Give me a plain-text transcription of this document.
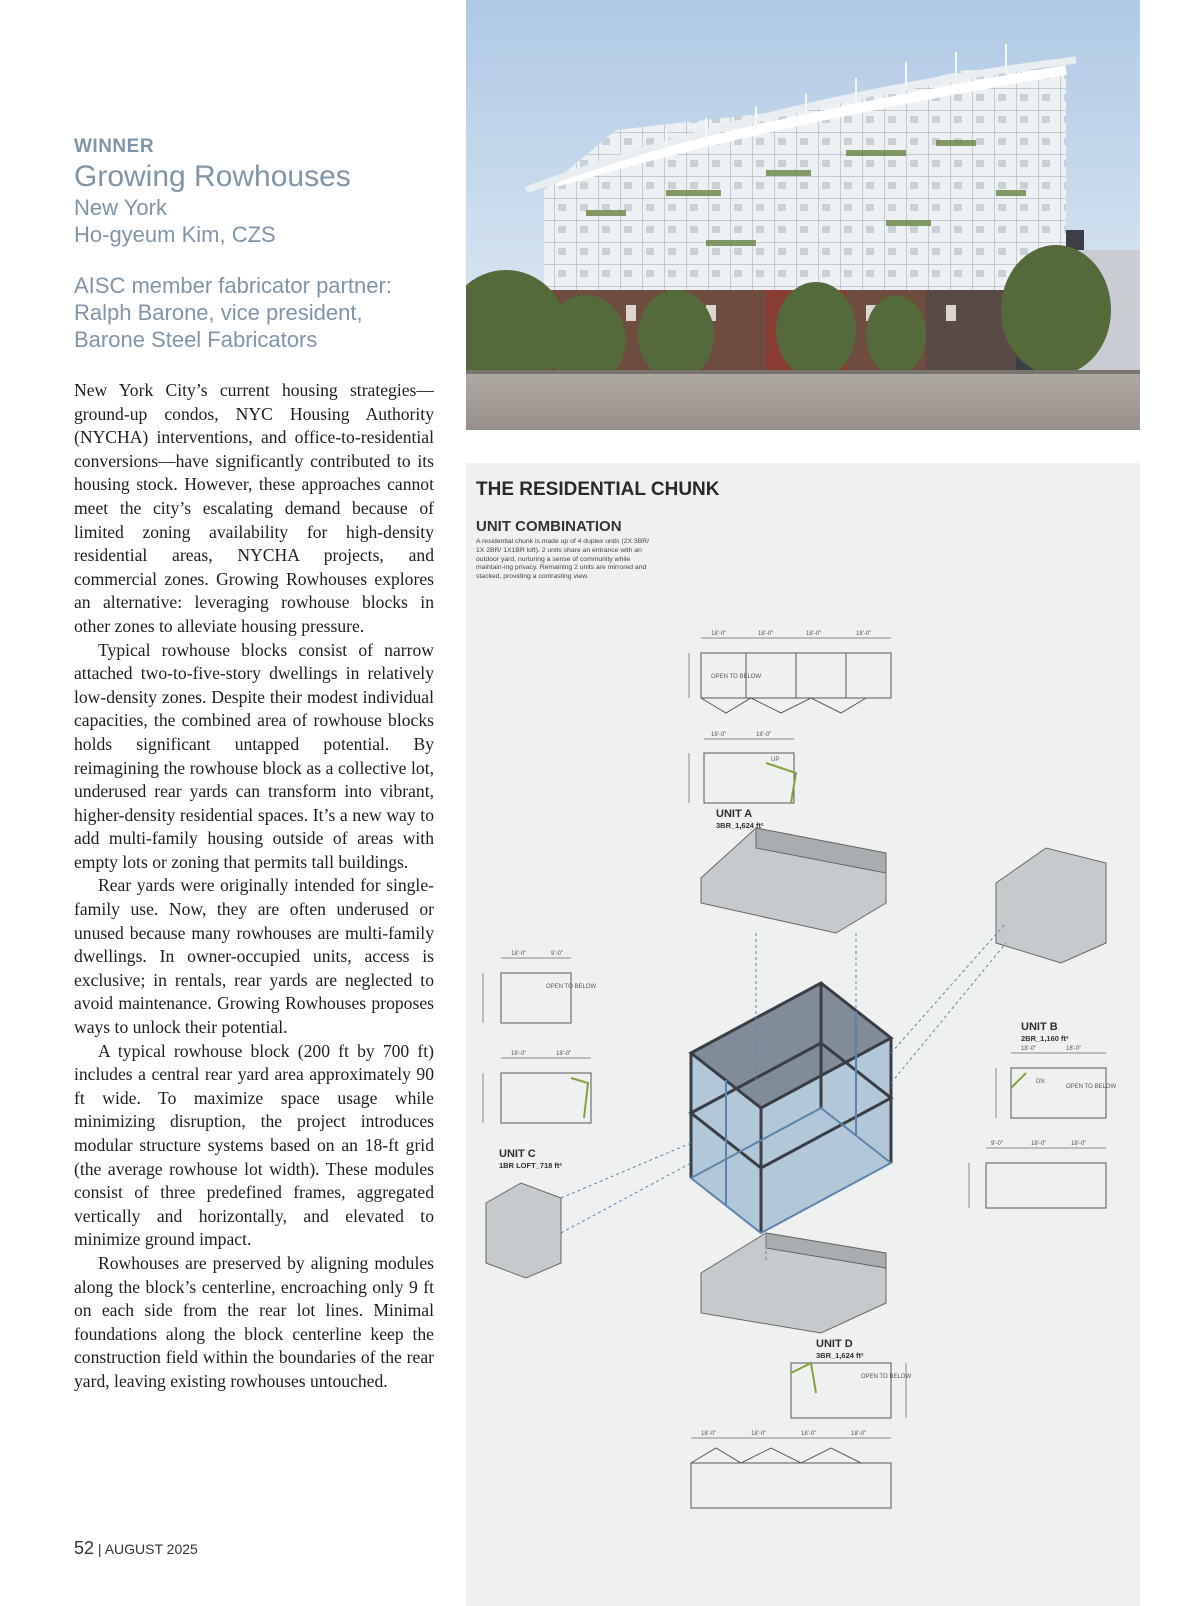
WINNER
Growing Rowhouses
New York
Ho-gyeum Kim, CZS
AISC member fabricator partner:
Ralph Barone, vice president,
Barone Steel Fabricators

New York City’s current housing strategies—ground-up condos, NYC Housing Authority (NYCHA) interventions, and office-to-residential conversions—have significantly contributed to its housing stock. However, these approaches cannot meet the city’s escalating demand because of limited zoning availability for high-density residential areas, NYCHA projects, and commercial zones. Growing Rowhouses explores an alternative: leveraging rowhouse blocks in other zones to alleviate housing pressure.

Typical rowhouse blocks consist of narrow attached two-to-five-story dwellings in relatively low-density zones. Despite their modest individual capacities, the combined area of rowhouse blocks holds significant untapped potential. By reimagining the rowhouse block as a collective lot, underused rear yards can transform into vibrant, higher-density residential spaces. It’s a new way to add multi-family housing outside of areas with empty lots or zoning that permits tall buildings.

Rear yards were originally intended for single-family use. Now, they are often underused or unused because many rowhouses are multi-family dwellings. In owner-occupied units, access is exclusive; in rentals, rear yards are neglected to avoid maintenance. Growing Rowhouses proposes ways to unlock their potential.

A typical rowhouse block (200 ft by 700 ft) includes a central rear yard area approximately 90 ft wide. To maximize space usage while minimizing disruption, the project introduces modular structure systems based on an 18-ft grid (the average rowhouse lot width). These modules consist of three predefined frames, aggregated vertically and horizontally, and elevated to minimize ground impact.

Rowhouses are preserved by aligning modules along the block’s centerline, encroaching only 9 ft on each side from the rear lot lines. Minimal foundations along the block centerline keep the construction field within the boundaries of the rear yard, leaving existing rowhouses untouched.

52 | AUGUST 2025
THE RESIDENTIAL CHUNK
UNIT COMBINATION
A residential chunk is made up of 4 duplex units (2X 3BR/ 1X 2BR/ 1X1BR loft). 2 units share an entrance with an outdoor yard, nurturing a sense of community while maintain-ing privacy. Remaining 2 units are mirrored and stacked, providing a contrasting view.
18'-0"	18'-0"	18'-0"	18'-0"
18'-0"	18'-0"
18'-0"	9'-0"
18'-0"	18'-0"
18'-0"	18'-0"
9'-0"	18'-0"	18'-0"
18'-0"	18'-0"	18'-0"	18'-0"
OPEN TO BELOW
OPEN TO BELOW
OPEN TO BELOW
OPEN TO BELOW
UP
DN
UNIT A
3BR_1,624 ft²
UNIT B
2BR_1,160 ft²
UNIT C
1BR LOFT_718 ft²
UNIT D
3BR_1,624 ft²
